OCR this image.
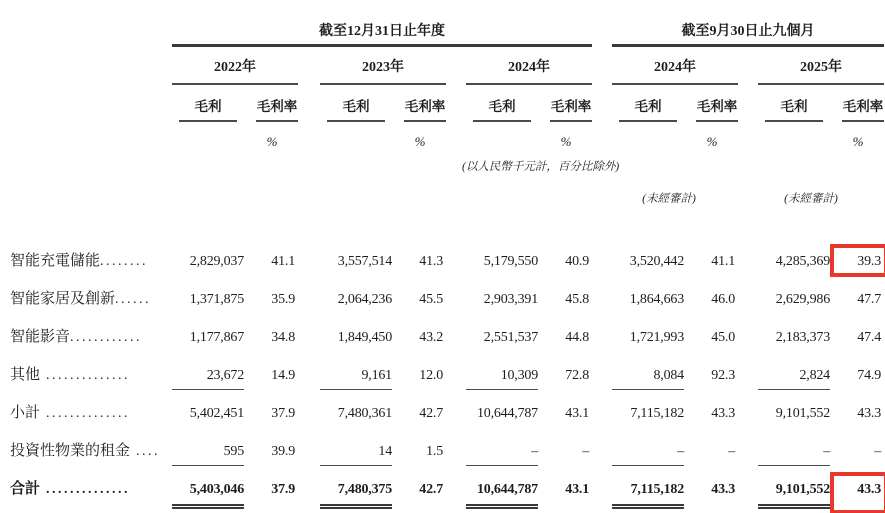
截至12月31日止年度	截至9月30日止九個月
2022年	2023年	2024年	2024年	2025年
毛利	毛利率	毛利	毛利率	毛利	毛利率	毛利	毛利率	毛利	毛利率
%	%	%	%	%
(以人民幣千元計，百分比除外)
(未經審計)	(未經審計)
智能充電儲能........	2,829,037	41.1	3,557,514	41.3	5,179,550	40.9	3,520,442	41.1	4,285,369	39.3
智能家居及創新......	1,371,875	35.9	2,064,236	45.5	2,903,391	45.8	1,864,663	46.0	2,629,986	47.7
智能影音............	1,177,867	34.8	1,849,450	43.2	2,551,537	44.8	1,721,993	45.0	2,183,373	47.4
其他 ..............	23,672	14.9	9,161	12.0	10,309	72.8	8,084	92.3	2,824	74.9
小計 ..............	5,402,451	37.9	7,480,361	42.7	10,644,787	43.1	7,115,182	43.3	9,101,552	43.3
投資性物業的租金 ....	595	39.9	14	1.5	–	–	–	–	–	–
合計 ..............	5,403,046	37.9	7,480,375	42.7	10,644,787	43.1	7,115,182	43.3	9,101,552	43.3
